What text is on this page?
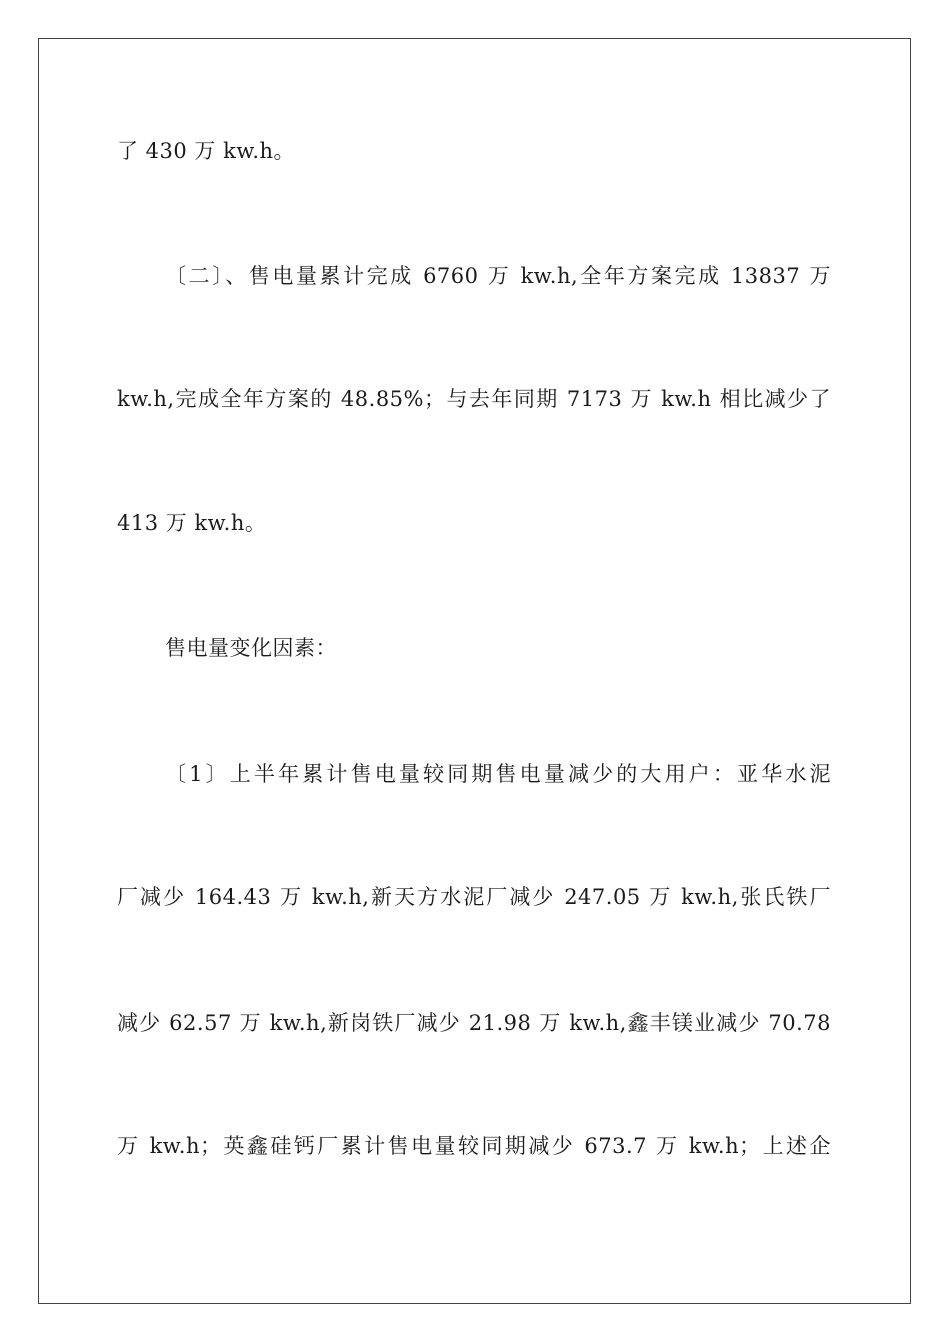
了 430 万 kw.h。
〔二〕、售电量累计完成 6760 万 kw.h,全年方案完成 13837 万
kw.h,完成全年方案的 48.85%；与去年同期 7173 万 kw.h 相比减少了
413 万 kw.h。
售电量变化因素：
〔1〕上半年累计售电量较同期售电量减少的大用户：亚华水泥
厂减少 164.43 万 kw.h,新天方水泥厂减少 247.05 万 kw.h,张氏铁厂
减少 62.57 万 kw.h,新岗铁厂减少 21.98 万 kw.h,鑫丰镁业减少 70.78
万 kw.h；英鑫硅钙厂累计售电量较同期减少 673.7 万 kw.h；上述企
